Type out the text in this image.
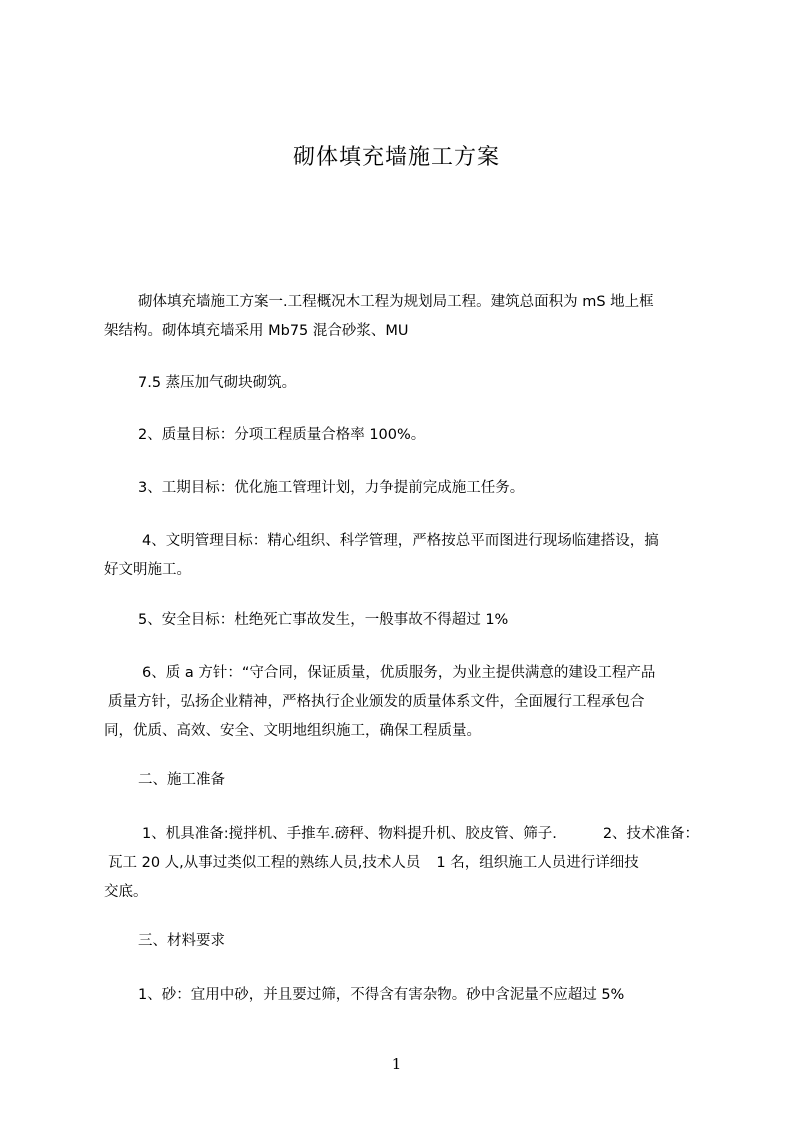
砌体填充墙施工方案
砌体填充墙施工方案一.工程概况木工程为规划局工程。建筑总面积为 mS 地上框
架结构。砌体填充墙采用 Mb75 混合砂浆、MU
7.5 蒸压加气砌块砌筑。
2、质量目标：分项工程质量合格率 100%。
3、工期目标：优化施工管理计划，力争提前完成施工任务。
4、文明管理目标：精心组织、科学管理，严格按总平而图进行现场临建搭设，搞
好文明施工。
5、安全目标：杜绝死亡事故发生，一般事故不得超过 1%
6、质 a 方针：“守合同，保证质量，优质服务，为业主提供满意的建设工程产品
质量方针，弘扬企业精神，严格执行企业颁发的质量体系文件，全面履行工程承包合
同，优质、高效、安全、文明地组织施工，确保工程质量。
二、施工准备
1、机具准备:搅拌机、手推车.磅秤、物料提升机、胶皮管、筛子.	2、技术准备：
瓦工 20 人,从事过类似工程的熟练人员,技术人员 1 名，组织施工人员进行详细技
交底。
三、材料要求
1、砂：宜用中砂，并且要过筛，不得含有害杂物。砂中含泥量不应超过 5%
1
